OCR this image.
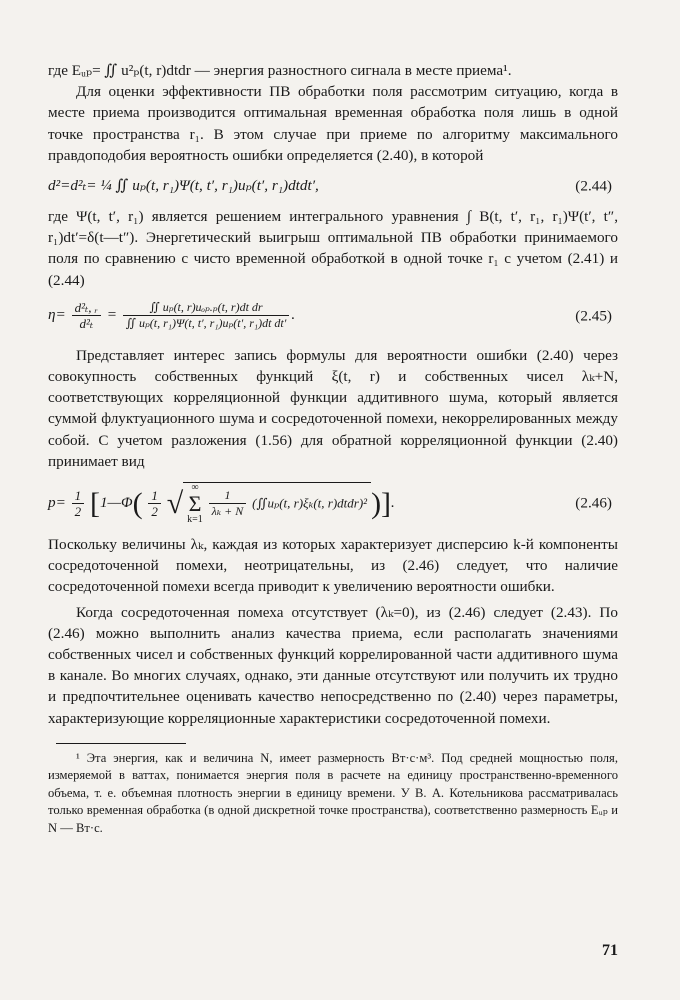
где Eᵤₚ= ∬ u²ₚ(t, r)dtdr — энергия разностного сигнала в месте приема¹.

Для оценки эффективности ПВ обработки поля рассмотрим ситуацию, когда в месте приема производится оптимальная временная обработка поля лишь в одной точке пространства r₁. В этом случае при приеме по алгоритму максимального правдоподобия вероятность ошибки определяется (2.40), в которой

d²=d²ₜ= ¼ ∬ uₚ(t, r₁)Ψ(t, t′, r₁)uₚ(t′, r₁)dtdt′,	(2.44)

где Ψ(t, t′, r₁) является решением интегрального уравнения ∫ B(t, t′, r₁, r₁)Ψ(t′, t″, r₁)dt′=δ(t—t″). Энергетический выигрыш оптимальной ПВ обработки принимаемого поля по сравнению с чисто временной обработкой в одной точке r₁ с учетом (2.41) и (2.44)

$\eta= \frac{\text{d²ₜ, ᵣ}}{\text{d²ₜ}} = \frac{\text{∬ uₚ(t, r)uₒₚ.ₚ(t, r)dt dr}}{\text{∬ uₚ(t, r₁)Ψ(t, t′, r₁)uₚ(t′, r₁)dt dt′}}$ .	(2.45)

Представляет интерес запись формулы для вероятности ошибки (2.40) через совокупность собственных функций ξ(t, r) и собственных чисел λₖ+N, соответствующих корреляционной функции аддитивного шума, который является суммой флуктуационного шума и сосредоточенной помехи, некоррелированных между собой. С учетом разложения (1.56) для обратной корреляционной функции (2.40) принимает вид

$p= \frac{1}{2}$ [1—Φ( $\frac{1}{2}$ √ ∞
Σ
$k=1 \frac{1}{\text{λₖ + N}}$ (∬uₚ(t, r)ξₖ(t, r)dtdr)² )].	(2.46)

Поскольку величины λₖ, каждая из которых характеризует дисперсию k-й компоненты сосредоточенной помехи, неотрицательны, из (2.46) следует, что наличие сосредоточенной помехи всегда приводит к увеличению вероятности ошибки.

Когда сосредоточенная помеха отсутствует (λₖ=0), из (2.46) следует (2.43). По (2.46) можно выполнить анализ качества приема, если располагать значениями собственных чисел и собственных функций коррелированной части аддитивного шума в канале. Во многих случаях, однако, эти данные отсутствуют или получить их трудно и предпочтительнее оценивать качество непосредственно по (2.40) через параметры, характеризующие корреляционные характеристики сосредоточенной помехи.

¹ Эта энергия, как и величина N, имеет размерность Вт·с·м³. Под средней мощностью поля, измеряемой в ваттах, понимается энергия поля в расчете на единицу пространственно-временного объема, т. е. объемная плотность энергии в единицу времени. У В. А. Котельникова рассматривалась только временная обработка (в одной дискретной точке пространства), соответственно размерность Eᵤₚ и N — Вт·с.

71
